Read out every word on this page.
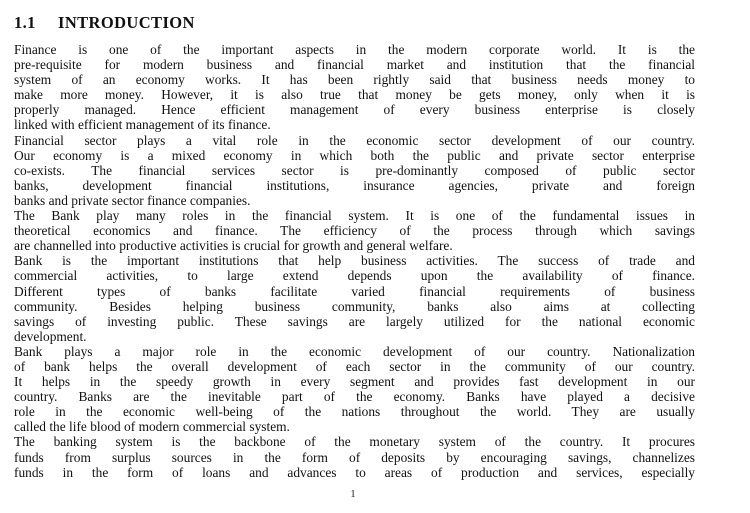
1.1 INTRODUCTION

Finance is one of the important aspects in the modern corporate world. It is the
pre-requisite for modern business and financial market and institution that the financial
system of an economy works. It has been rightly said that business needs money to
make more money. However, it is also true that money be gets money, only when it is
properly managed. Hence efficient management of every business enterprise is closely
linked with efficient management of its finance.

Financial sector plays a vital role in the economic sector development of our country.
Our economy is a mixed economy in which both the public and private sector enterprise
co-exists. The financial services sector is pre-dominantly composed of public sector
banks, development financial institutions, insurance agencies, private and foreign
banks and private sector finance companies.

The Bank play many roles in the financial system. It is one of the fundamental issues in
theoretical economics and finance. The efficiency of the process through which savings
are channelled into productive activities is crucial for growth and general welfare.

Bank is the important institutions that help business activities. The success of trade and
commercial activities, to large extend depends upon the availability of finance.
Different types of banks facilitate varied financial requirements of business
community. Besides helping business community, banks also aims at collecting
savings of investing public. These savings are largely utilized for the national economic
development.

Bank plays a major role in the economic development of our country. Nationalization
of bank helps the overall development of each sector in the community of our country.
It helps in the speedy growth in every segment and provides fast development in our
country. Banks are the inevitable part of the economy. Banks have played a decisive
role in the economic well-being of the nations throughout the world. They are usually
called the life blood of modern commercial system.

The banking system is the backbone of the monetary system of the country. It procures
funds from surplus sources in the form of deposits by encouraging savings, channelizes
funds in the form of loans and advances to areas of production and services, especially

1
